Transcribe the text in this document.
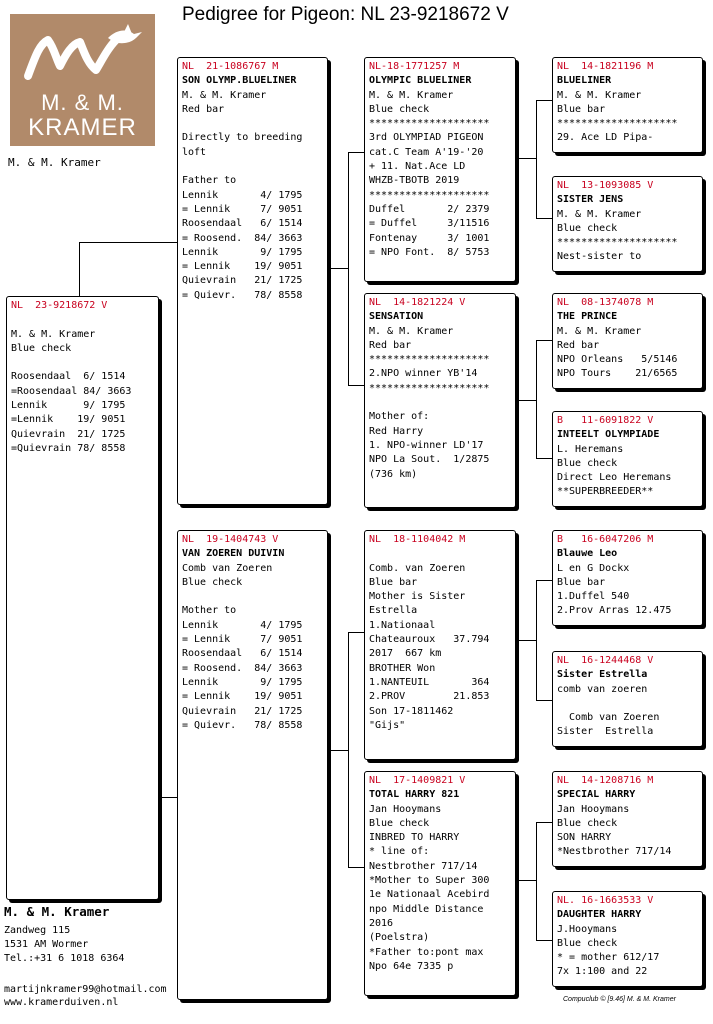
Pedigree for Pigeon: NL 23-9218672 V
M. & M.
KRAMER
M. & M. Kramer
NL  23-9218672 V
M. & M. Kramer
Blue check
Roosendaal  6/ 1514
=Roosendaal 84/ 3663
Lennik      9/ 1795
=Lennik    19/ 9051
Quievrain  21/ 1725
=Quievrain 78/ 8558
NL  21-1086767 M
SON OLYMP.BLUELINER
M. & M. Kramer
Red bar
Directly to breeding
loft
Father to
Lennik       4/ 1795
= Lennik     7/ 9051
Roosendaal   6/ 1514
= Roosend.  84/ 3663
Lennik       9/ 1795
= Lennik    19/ 9051
Quievrain   21/ 1725
= Quievr.   78/ 8558
NL  19-1404743 V
VAN ZOEREN DUIVIN
Comb van Zoeren
Blue check
Mother to
Lennik       4/ 1795
= Lennik     7/ 9051
Roosendaal   6/ 1514
= Roosend.  84/ 3663
Lennik       9/ 1795
= Lennik    19/ 9051
Quievrain   21/ 1725
= Quievr.   78/ 8558
NL-18-1771257 M
OLYMPIC BLUELINER
M. & M. Kramer
Blue check
********************
3rd OLYMPIAD PIGEON
cat.C Team A'19-'20
+ 11. Nat.Ace LD
WHZB-TBOTB 2019
********************
Duffel       2/ 2379
= Duffel     3/11516
Fontenay     3/ 1001
= NPO Font.  8/ 5753
NL  14-1821224 V
SENSATION
M. & M. Kramer
Red bar
********************
2.NPO winner YB'14
********************
Mother of:
Red Harry
1. NPO-winner LD'17
NPO La Sout.  1/2875
(736 km)
NL  18-1104042 M
Comb. van Zoeren
Blue bar
Mother is Sister
Estrella
1.Nationaal
Chateauroux   37.794
2017  667 km
BROTHER Won
1.NANTEUIL       364
2.PROV        21.853
Son 17-1811462
"Gijs"
NL  17-1409821 V
TOTAL HARRY 821
Jan Hooymans
Blue check
INBRED TO HARRY
* line of:
Nestbrother 717/14
*Mother to Super 300
1e Nationaal Acebird
npo Middle Distance
2016
(Poelstra)
*Father to:pont max
Npo 64e 7335 p
NL  14-1821196 M
BLUELINER
M. & M. Kramer
Blue bar
********************
29. Ace LD Pipa-
NL  13-1093085 V
SISTER JENS
M. & M. Kramer
Blue check
********************
Nest-sister to
NL  08-1374078 M
THE PRINCE
M. & M. Kramer
Red bar
NPO Orleans   5/5146
NPO Tours    21/6565
B   11-6091822 V
INTEELT OLYMPIADE
L. Heremans
Blue check
Direct Leo Heremans
**SUPERBREEDER**
B   16-6047206 M
Blauwe Leo
L en G Dockx
Blue bar
1.Duffel 540
2.Prov Arras 12.475
NL  16-1244468 V
Sister Estrella
comb van zoeren
Comb van Zoeren
Sister  Estrella
NL  14-1208716 M
SPECIAL HARRY
Jan Hooymans
Blue check
SON HARRY
*Nestbrother 717/14
NL. 16-1663533 V
DAUGHTER HARRY
J.Hooymans
Blue check
* = mother 612/17
7x 1:100 and 22
M. & M. Kramer
Zandweg 115
1531 AM Wormer
Tel.:+31 6 1018 6364
martijnkramer99@hotmail.com
www.kramerduiven.nl	Compuclub © [9.46] M. & M. Kramer
